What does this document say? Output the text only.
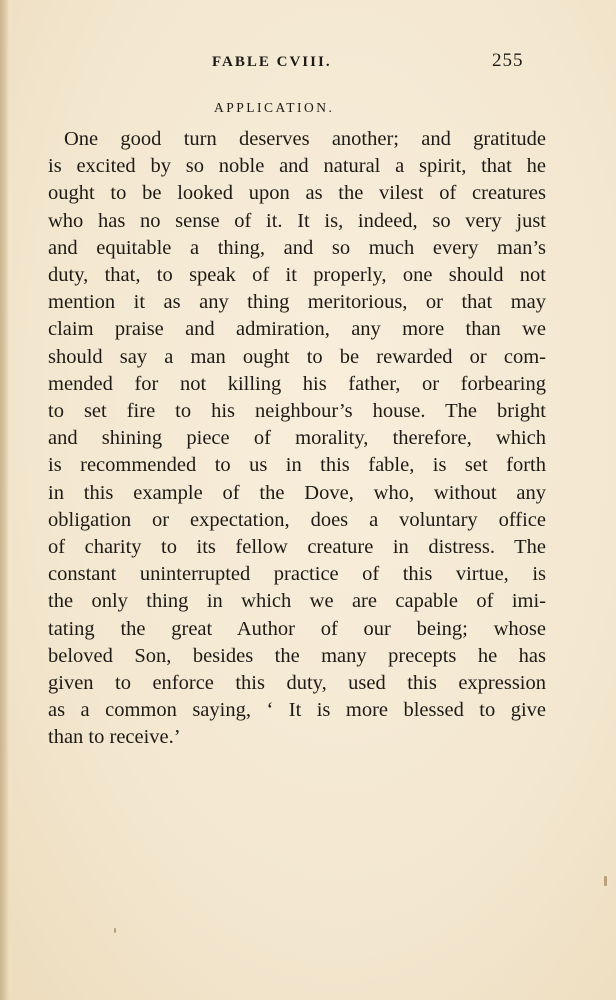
FABLE CVIII.	255
APPLICATION.
One good turn deserves another; and gratitude
is excited by so noble and natural a spirit, that he
ought to be looked upon as the vilest of creatures
who has no sense of it. It is, indeed, so very just
and equitable a thing, and so much every man’s
duty, that, to speak of it properly, one should not
mention it as any thing meritorious, or that may
claim praise and admiration, any more than we
should say a man ought to be rewarded or com-
mended for not killing his father, or forbearing
to set fire to his neighbour’s house. The bright
and shining piece of morality, therefore, which
is recommended to us in this fable, is set forth
in this example of the Dove, who, without any
obligation or expectation, does a voluntary office
of charity to its fellow creature in distress. The
constant uninterrupted practice of this virtue, is
the only thing in which we are capable of imi-
tating the great Author of our being; whose
beloved Son, besides the many precepts he has
given to enforce this duty, used this expression
as a common saying, ‘ It is more blessed to give
than to receive.’
